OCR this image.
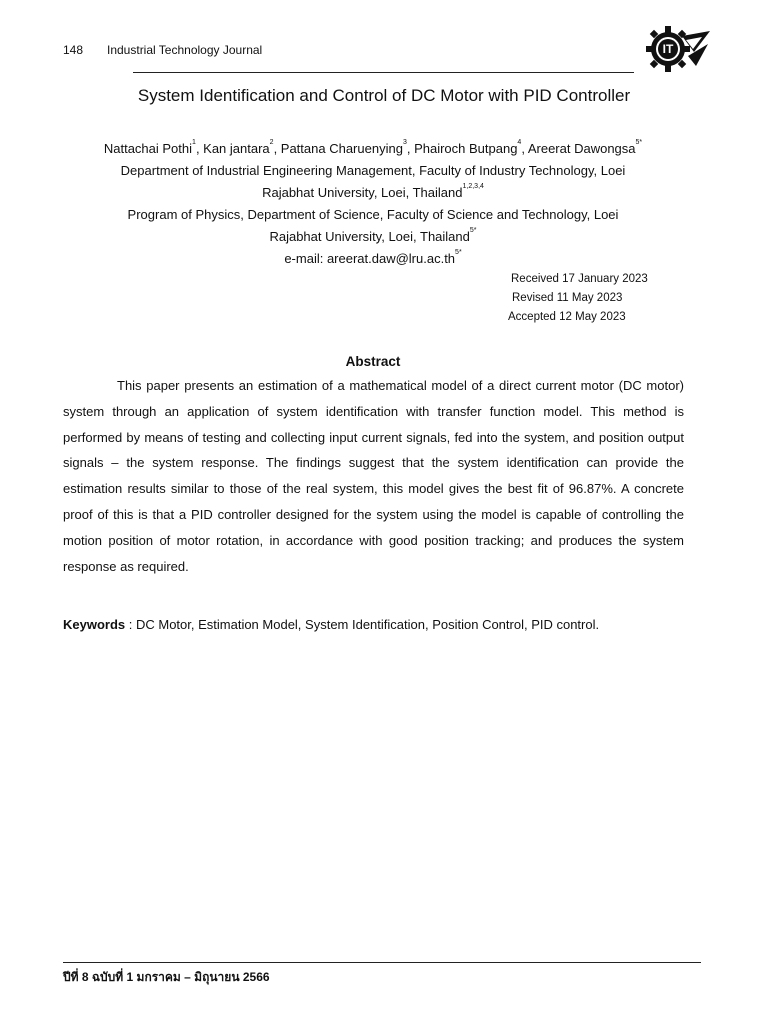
148 Industrial Technology Journal	IT
System Identification and Control of DC Motor with PID Controller
Nattachai Pothi$^1$, Kan jantara$^2$, Pattana Charuenying$^3$, Phairoch Butpang$^4$, Areerat Dawongsa$^{5*}$
Department of Industrial Engineering Management, Faculty of Industry Technology, Loei
Rajabhat University, Loei, Thailand$^{1,2,3,4}$
Program of Physics, Department of Science, Faculty of Science and Technology, Loei
Rajabhat University, Loei, Thailand$^{5*}$
e-mail: $areerat.daw@lru.ac.th^{5*}$
Received 17 January 2023
Revised 11 May 2023
Accepted 12 May 2023
Abstract
This paper presents an estimation of a mathematical model of a direct current motor (DC motor) system through an application of system identification with transfer function model. This method is performed by means of testing and collecting input current signals, fed into the system, and position output signals – the system response. The findings suggest that the system identification can provide the estimation results similar to those of the real system, this model gives the best fit of 96.87%. A concrete proof of this is that a PID controller designed for the system using the model is capable of controlling the motion position of motor rotation, in accordance with good position tracking; and produces the system response as required.
Keywords : DC Motor, Estimation Model, System Identification, Position Control, PID control.
ปีที่ 8 ฉบับที่ 1 มกราคม – มิถุนายน 2566
